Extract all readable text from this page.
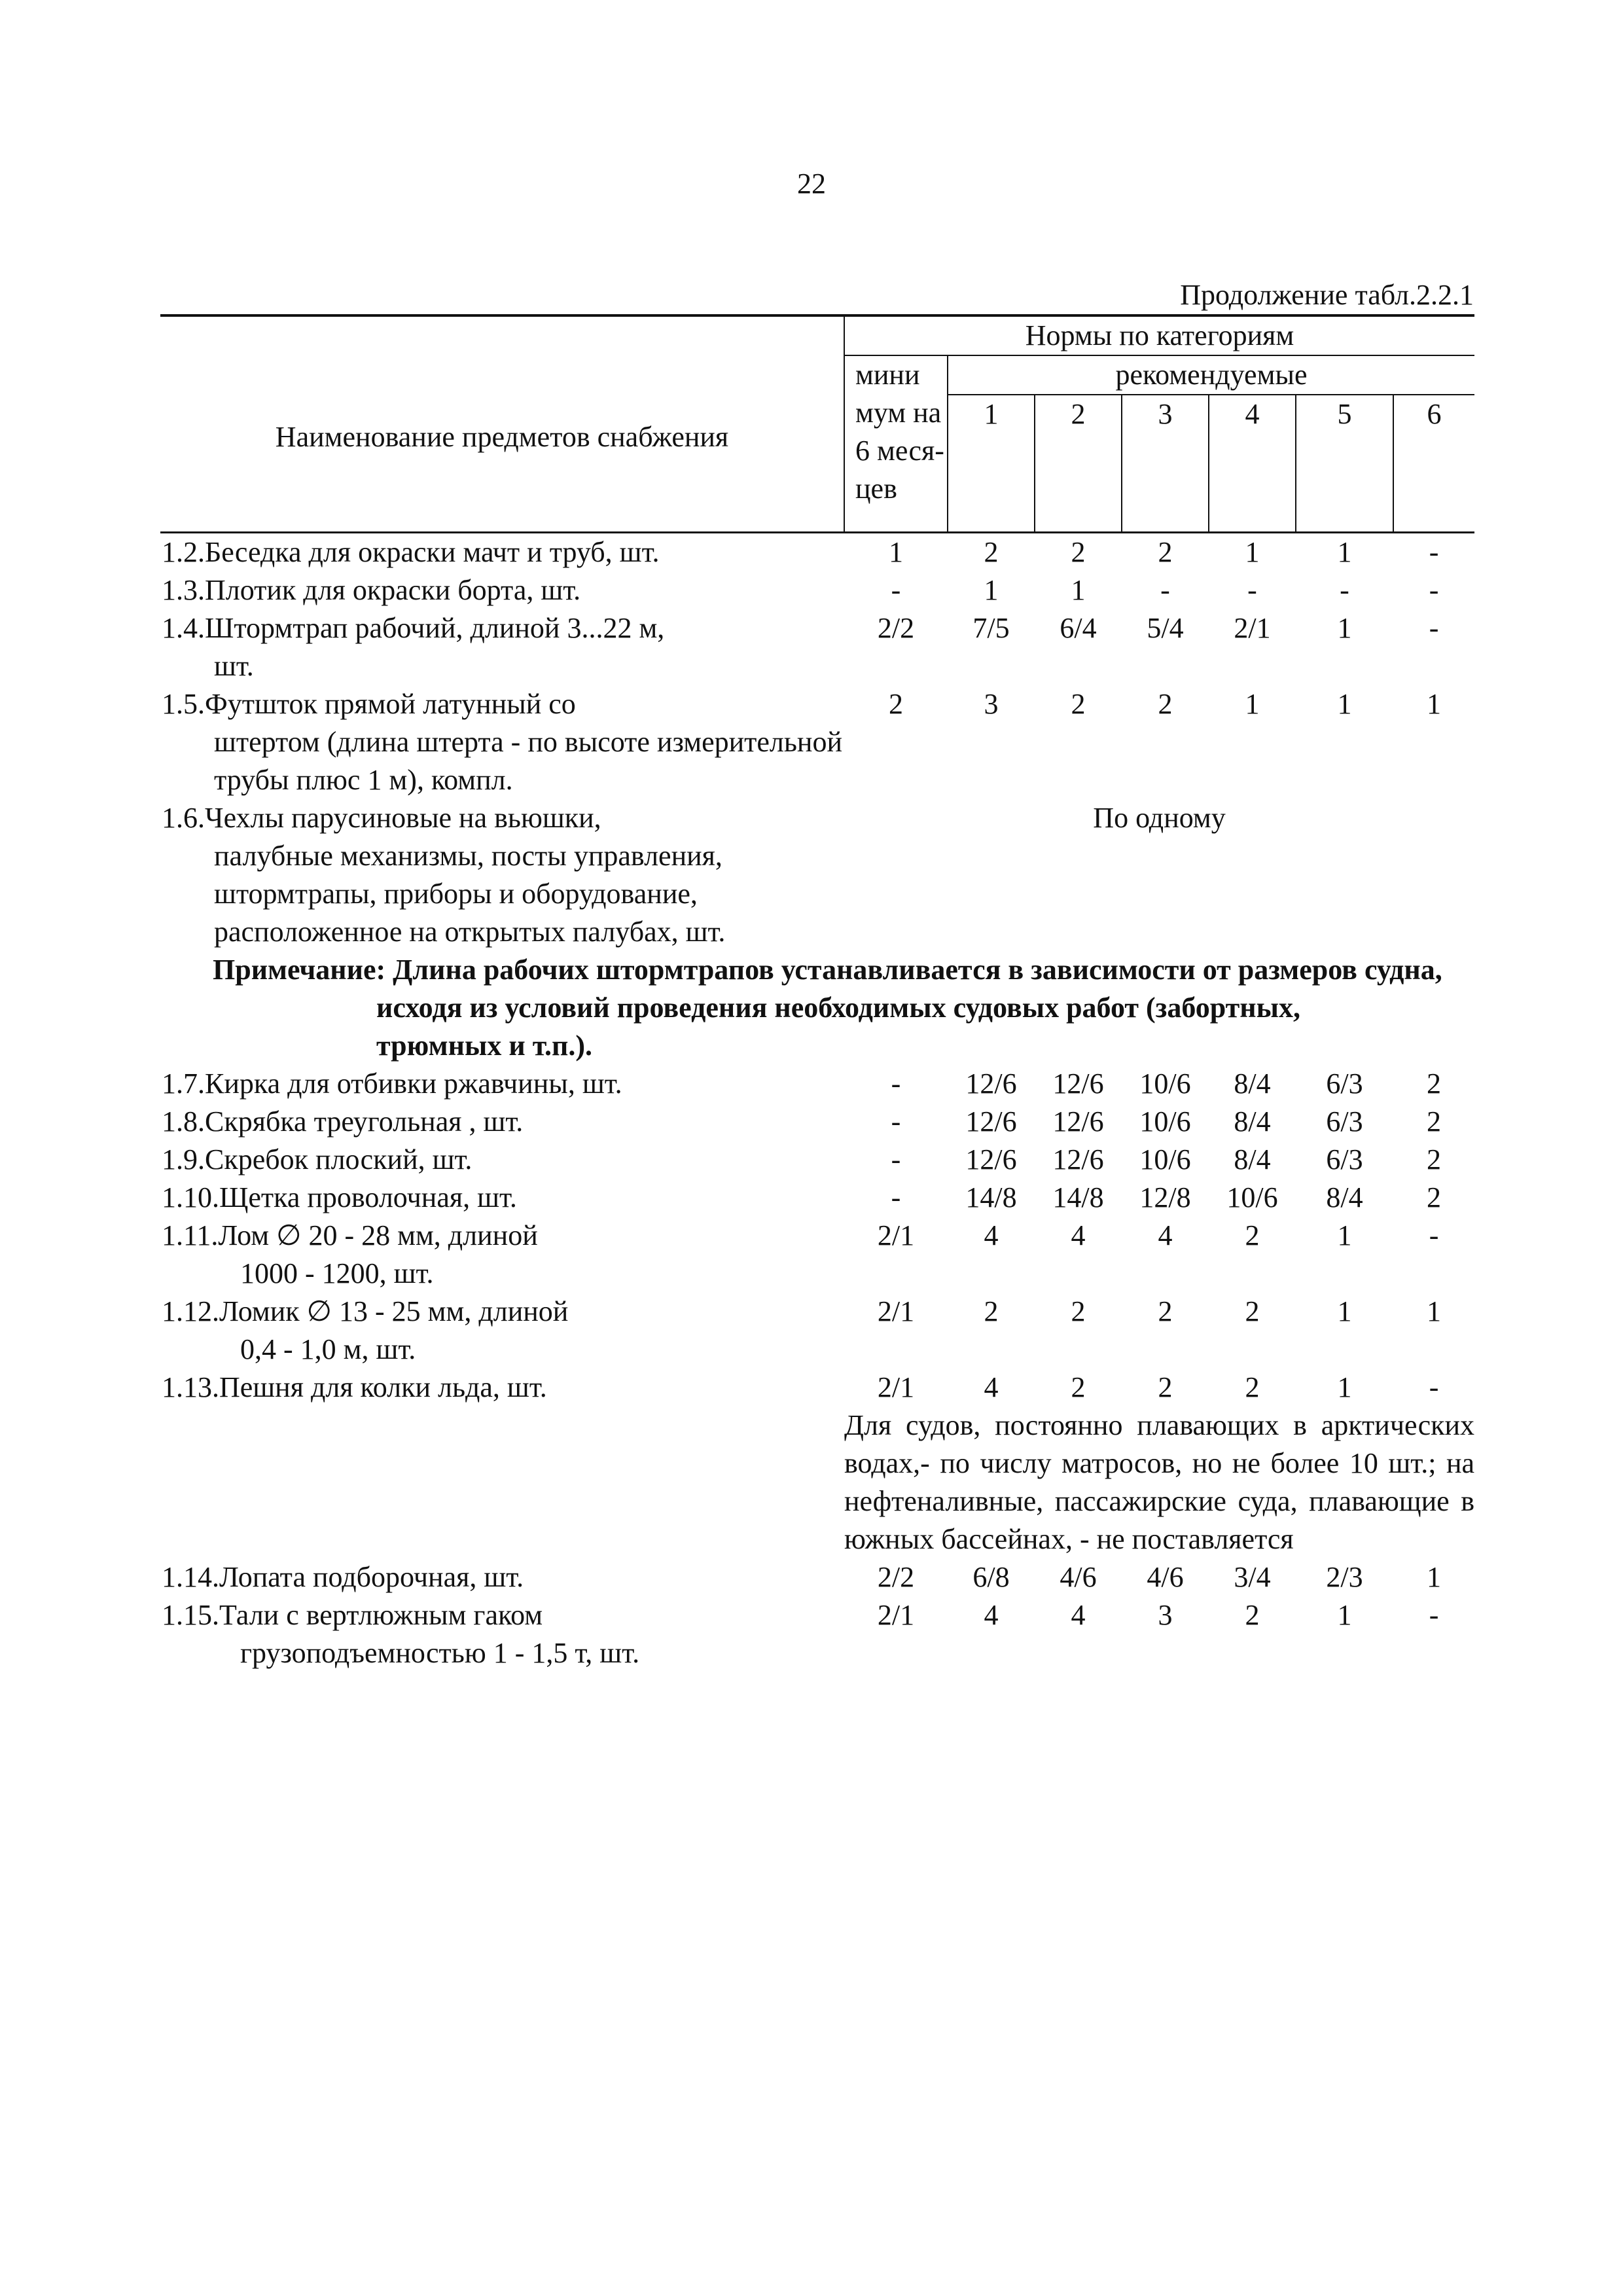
22
Продолжение табл.2.2.1
Наименование предметов снабжения	Нормы по категориям						
	мини мум на 6 меся- цев	рекомендуемые					
		1	2	3	4	5	6
1.2.Беседка для окраски мачт и труб, шт.	1	2	2	2	1	1	-
1.3.Плотик для окраски борта, шт.	-	1	1	-	-	-	-
1.4.Штормтрап рабочий, длиной 3...22 м,
шт.	2/2	7/5	6/4	5/4	2/1	1	-
1.5.Футшток прямой латунный со
штертом (длина штерта - по высоте измерительной трубы плюс 1 м), компл.	2	3	2	2	1	1	1
1.6.Чехлы парусиновые на вьюшки,
палубные механизмы, посты управления, штормтрапы, приборы и оборудование, расположенное на открытых палубах, шт.	По одному						
Примечание: Длина рабочих штормтрапов устанавливается в зависимости от размеров судна,
исходя из условий проведения необходимых судовых работ (забортных,
трюмных и т.п.).							

1.7.Кирка для отбивки ржавчины, шт.	-	12/6	12/6	10/6	8/4	6/3	2
1.8.Скрябка треугольная , шт.	-	12/6	12/6	10/6	8/4	6/3	2
1.9.Скребок плоский, шт.	-	12/6	12/6	10/6	8/4	6/3	2
1.10.Щетка проволочная, шт.	-	14/8	14/8	12/8	10/6	8/4	2
1.11.Лом ∅ 20 - 28 мм, длиной
1000 - 1200, шт.	2/1	4	4	4	2	1	-
1.12.Ломик ∅ 13 - 25 мм, длиной
0,4 - 1,0 м, шт.	2/1	2	2	2	2	1	1
1.13.Пешня для колки льда, шт.	2/1	4	2	2	2	1	-
	Для судов, постоянно плавающих в арктических водах,- по числу матросов, но не более 10 шт.; на нефтеналивные, пассажирские суда, плавающие в южных бассейнах, - не поставляется						
1.14.Лопата подборочная, шт.	2/2	6/8	4/6	4/6	3/4	2/3	1
1.15.Тали с вертлюжным гаком
грузоподъемностью 1 - 1,5 т, шт.	2/1	4	4	3	2	1	-
